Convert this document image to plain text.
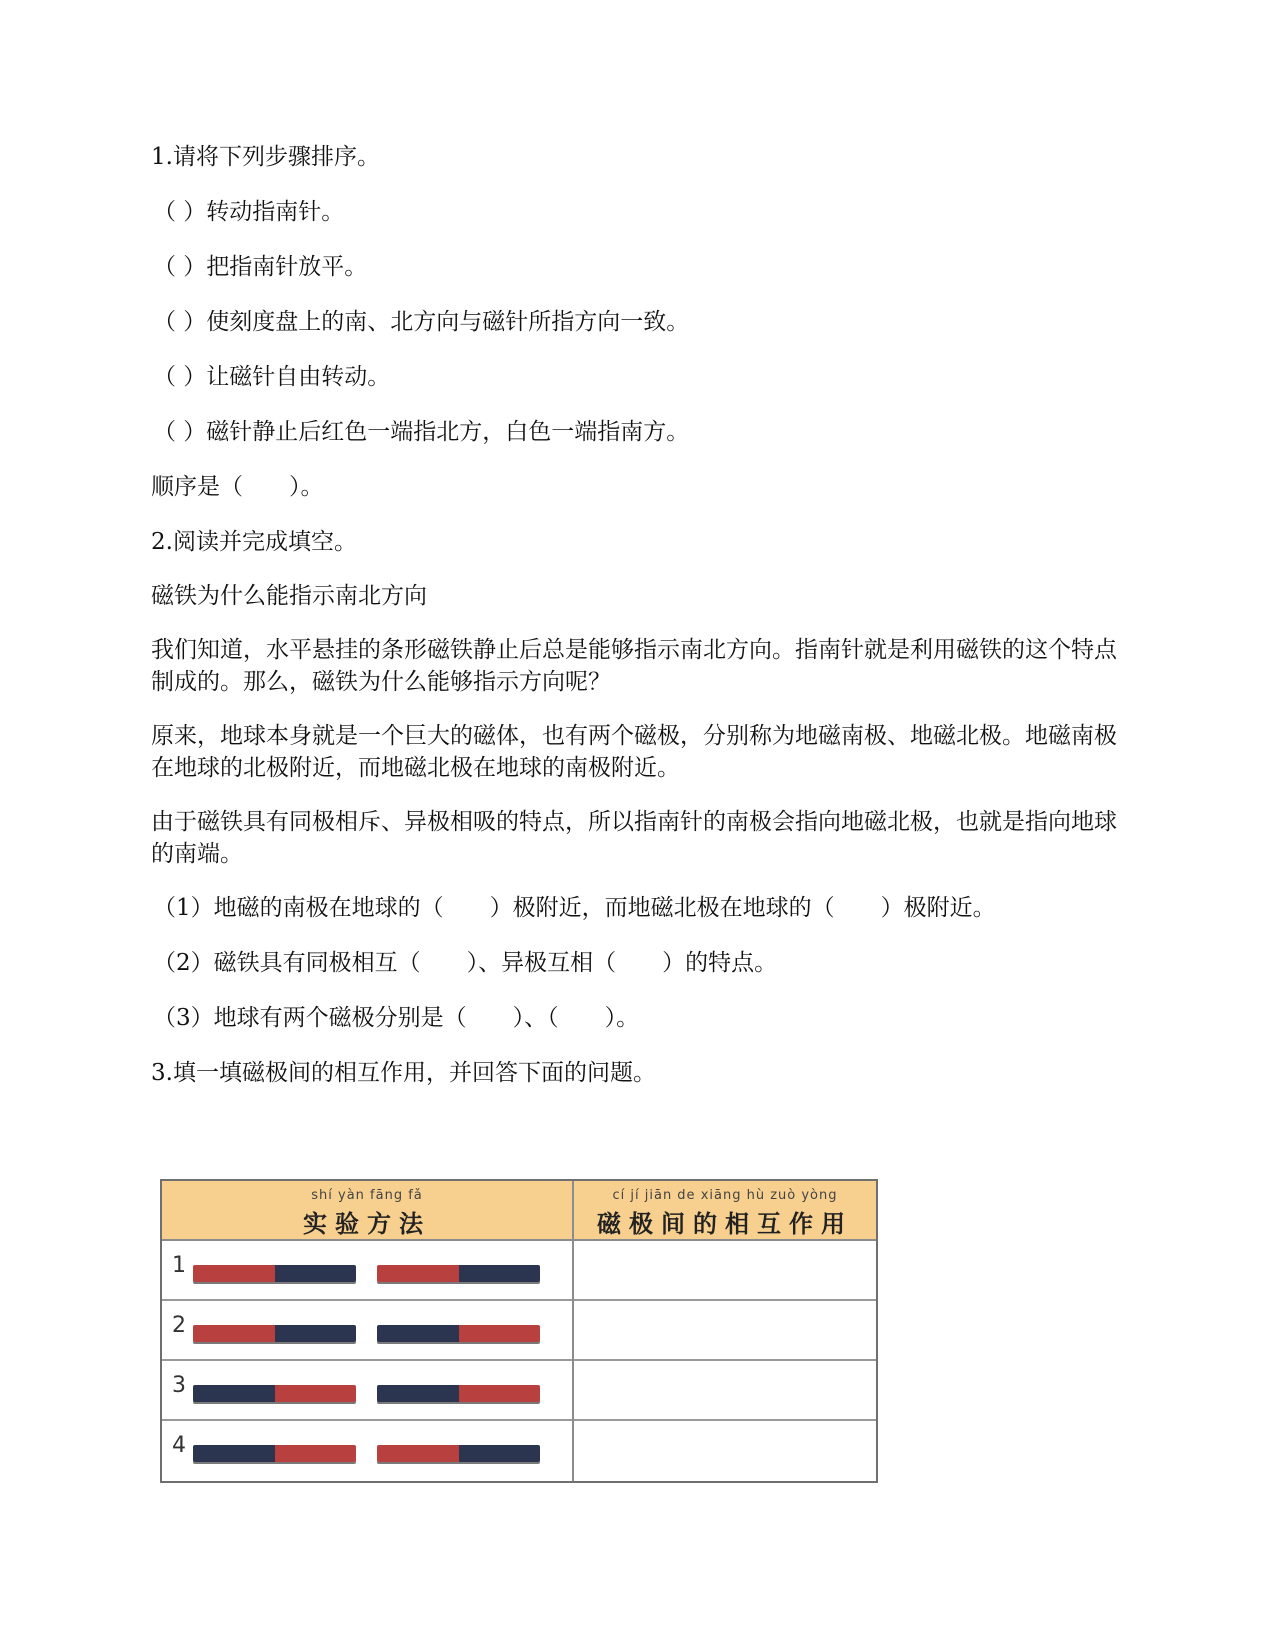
1.请将下列步骤排序。
（ ）转动指南针。
（ ）把指南针放平。
（ ）使刻度盘上的南、北方向与磁针所指方向一致。
（ ）让磁针自由转动。
（ ）磁针静止后红色一端指北方，白色一端指南方。
顺序是（　　）。
2.阅读并完成填空。
磁铁为什么能指示南北方向
我们知道，水平悬挂的条形磁铁静止后总是能够指示南北方向。指南针就是利用磁铁的这个特点制成的。那么，磁铁为什么能够指示方向呢？
原来，地球本身就是一个巨大的磁体，也有两个磁极，分别称为地磁南极、地磁北极。地磁南极在地球的北极附近，而地磁北极在地球的南极附近。
由于磁铁具有同极相斥、异极相吸的特点，所以指南针的南极会指向地磁北极，也就是指向地球的南端。
（1）地磁的南极在地球的（　　）极附近，而地磁北极在地球的（　　）极附近。
（2）磁铁具有同极相互（　　）、异极互相（　　）的特点。
（3）地球有两个磁极分别是（　　）、（　　）。
3.填一填磁极间的相互作用，并回答下面的问题。
shí yàn fāng fǎ
实验方法
cí jí jiān de xiāng hù zuò yòng
磁极间的相互作用
1
2
3
4
